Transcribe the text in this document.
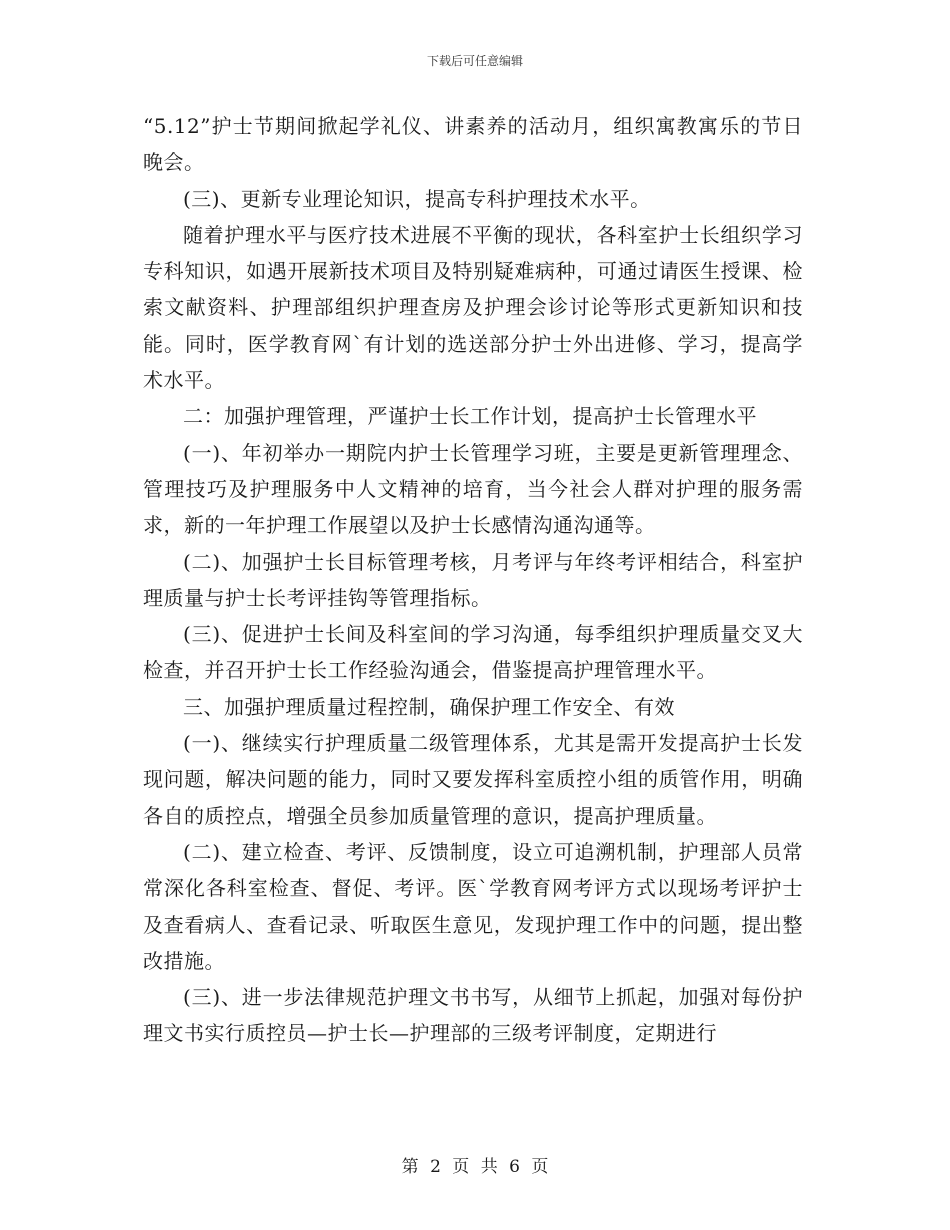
下载后可任意编辑

“5.12”护士节期间掀起学礼仪、讲素养的活动月，组织寓教寓乐的节日晚会。

(三)、更新专业理论知识，提高专科护理技术水平。

随着护理水平与医疗技术进展不平衡的现状，各科室护士长组织学习专科知识，如遇开展新技术项目及特别疑难病种，可通过请医生授课、检索文献资料、护理部组织护理查房及护理会诊讨论等形式更新知识和技能。同时，医学教育网`有计划的选送部分护士外出进修、学习，提高学术水平。

二：加强护理管理，严谨护士长工作计划，提高护士长管理水平

(一)、年初举办一期院内护士长管理学习班，主要是更新管理理念、管理技巧及护理服务中人文精神的培育，当今社会人群对护理的服务需求，新的一年护理工作展望以及护士长感情沟通沟通等。

(二)、加强护士长目标管理考核，月考评与年终考评相结合，科室护理质量与护士长考评挂钩等管理指标。

(三)、促进护士长间及科室间的学习沟通，每季组织护理质量交叉大检查，并召开护士长工作经验沟通会，借鉴提高护理管理水平。

三、加强护理质量过程控制，确保护理工作安全、有效

(一)、继续实行护理质量二级管理体系，尤其是需开发提高护士长发现问题，解决问题的能力，同时又要发挥科室质控小组的质管作用，明确各自的质控点，增强全员参加质量管理的意识，提高护理质量。

(二)、建立检查、考评、反馈制度，设立可追溯机制，护理部人员常常深化各科室检查、督促、考评。医`学教育网考评方式以现场考评护士及查看病人、查看记录、听取医生意见，发现护理工作中的问题，提出整改措施。

(三)、进一步法律规范护理文书书写，从细节上抓起，加强对每份护理文书实行质控员—护士长—护理部的三级考评制度，定期进行

第 2 页 共 6 页
